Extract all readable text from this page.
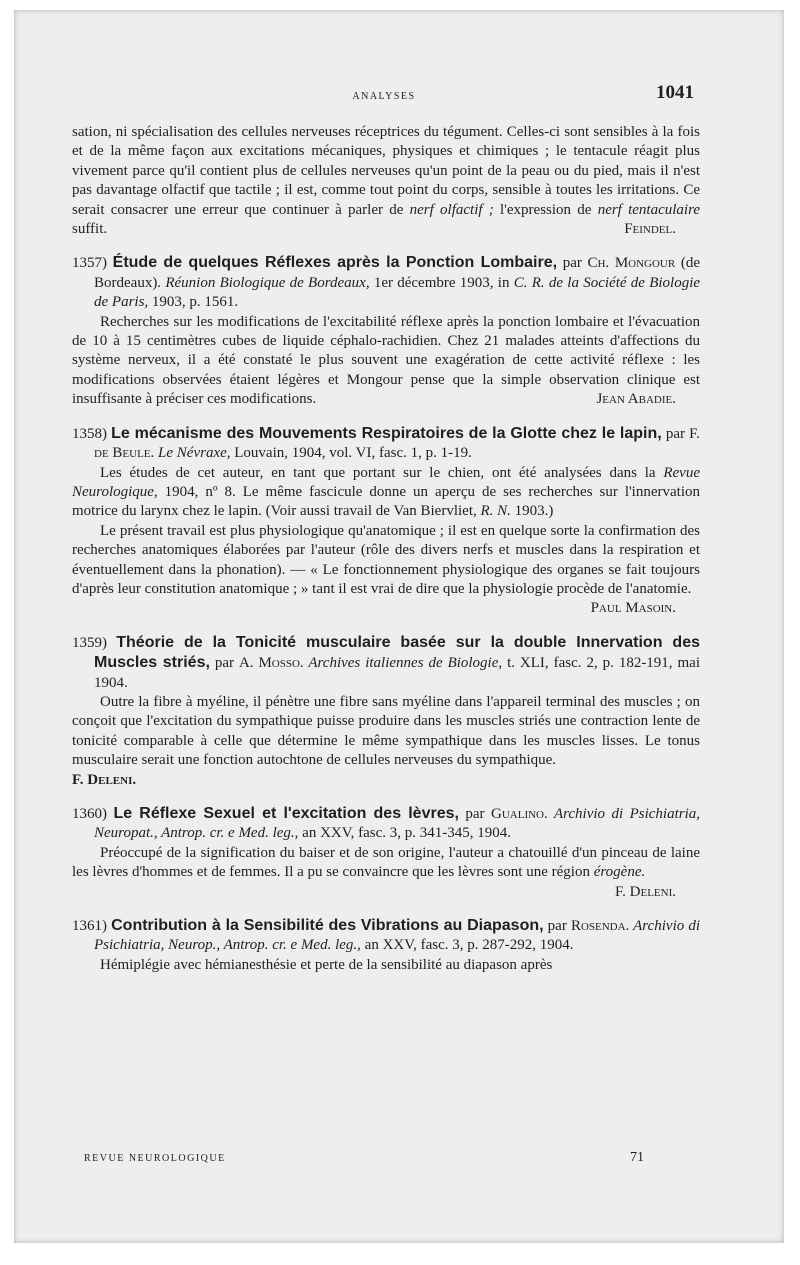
ANALYSES	1041

sation, ni spécialisation des cellules nerveuses réceptrices du tégument. Celles-ci sont sensibles à la fois et de la même façon aux excitations mécaniques, physiques et chimiques ; le tentacule réagit plus vivement parce qu'il contient plus de cellules nerveuses qu'un point de la peau ou du pied, mais il n'est pas davantage olfactif que tactile ; il est, comme tout point du corps, sensible à toutes les irritations. Ce serait consacrer une erreur que continuer à parler de nerf olfactif ; l'expression de nerf tentaculaire suffit.	Feindel.

1357) Étude de quelques Réflexes après la Ponction Lombaire, par Ch. Mongour (de Bordeaux). Réunion Biologique de Bordeaux, 1er décembre 1903, in C. R. de la Société de Biologie de Paris, 1903, p. 1561.

Recherches sur les modifications de l'excitabilité réflexe après la ponction lombaire et l'évacuation de 10 à 15 centimètres cubes de liquide céphalo-rachidien. Chez 21 malades atteints d'affections du système nerveux, il a été constaté le plus souvent une exagération de cette activité réflexe : les modifications observées étaient légères et Mongour pense que la simple observation clinique est insuffisante à préciser ces modifications.	Jean Abadie.

1358) Le mécanisme des Mouvements Respiratoires de la Glotte chez le lapin, par F. de Beule. Le Névraxe, Louvain, 1904, vol. VI, fasc. 1, p. 1-19.

Les études de cet auteur, en tant que portant sur le chien, ont été analysées dans la Revue Neurologique, 1904, nº 8. Le même fascicule donne un aperçu de ses recherches sur l'innervation motrice du larynx chez le lapin. (Voir aussi travail de Van Biervliet, R. N. 1903.)

Le présent travail est plus physiologique qu'anatomique ; il est en quelque sorte la confirmation des recherches anatomiques élaborées par l'auteur (rôle des divers nerfs et muscles dans la respiration et éventuellement dans la phonation). — « Le fonctionnement physiologique des organes se fait toujours d'après leur constitution anatomique ; » tant il est vrai de dire que la physiologie procède de l'anatomie.
Paul Masoin.

1359) Théorie de la Tonicité musculaire basée sur la double Innervation des Muscles striés, par A. Mosso. Archives italiennes de Biologie, t. XLI, fasc. 2, p. 182-191, mai 1904.

Outre la fibre à myéline, il pénètre une fibre sans myéline dans l'appareil terminal des muscles ; on conçoit que l'excitation du sympathique puisse produire dans les muscles striés une contraction lente de tonicité comparable à celle que détermine le même sympathique dans les muscles lisses. Le tonus musculaire serait une fonction autochtone de cellules nerveuses du sympathique.

F. Deleni.

1360) Le Réflexe Sexuel et l'excitation des lèvres, par Gualino. Archivio di Psichiatria, Neuropat., Antrop. cr. e Med. leg., an XXV, fasc. 3, p. 341-345, 1904.

Préoccupé de la signification du baiser et de son origine, l'auteur a chatouillé d'un pinceau de laine les lèvres d'hommes et de femmes. Il a pu se convaincre que les lèvres sont une région érogène.
F. Deleni.

1361) Contribution à la Sensibilité des Vibrations au Diapason, par Rosenda. Archivio di Psichiatria, Neurop., Antrop. cr. e Med. leg., an XXV, fasc. 3, p. 287-292, 1904.

Hémiplégie avec hémianesthésie et perte de la sensibilité au diapason après

REVUE NEUROLOGIQUE	71
